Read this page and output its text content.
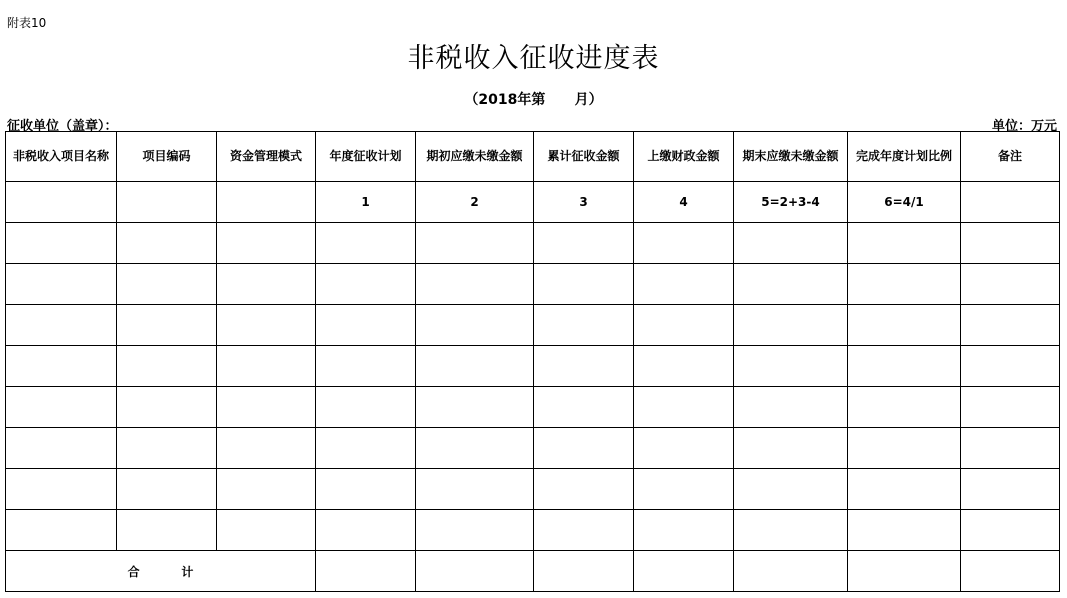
附表10
非税收入征收进度表
（2018年第      月）
征收单位（盖章）：	单位：万元
非税收入项目名称	项目编码	资金管理模式	年度征收计划	期初应缴未缴金额	累计征收金额	上缴财政金额	期末应缴未缴金额	完成年度计划比例	备注
			1	2	3	4	5=2+3-4	6=4/1	

合          计									
